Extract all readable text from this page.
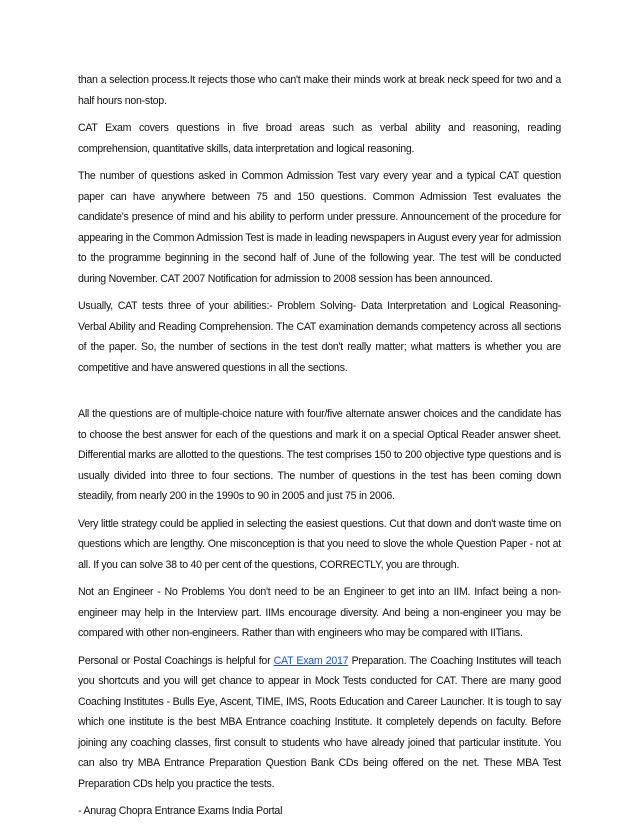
than a selection process.It rejects those who can't make their minds work at break neck speed for two and a half hours non-stop.

CAT Exam covers questions in five broad areas such as verbal ability and reasoning, reading comprehension, quantitative skills, data interpretation and logical reasoning.

The number of questions asked in Common Admission Test vary every year and a typical CAT question paper can have anywhere between 75 and 150 questions. Common Admission Test evaluates the candidate's presence of mind and his ability to perform under pressure. Announcement of the procedure for appearing in the Common Admission Test is made in leading newspapers in August every year for admission to the programme beginning in the second half of June of the following year. The test will be conducted during November. CAT 2007 Notification for admission to 2008 session has been announced.

Usually, CAT tests three of your abilities:- Problem Solving- Data Interpretation and Logical Reasoning- Verbal Ability and Reading Comprehension. The CAT examination demands competency across all sections of the paper. So, the number of sections in the test don't really matter; what matters is whether you are competitive and have answered questions in all the sections.

All the questions are of multiple-choice nature with four/five alternate answer choices and the candidate has to choose the best answer for each of the questions and mark it on a special Optical Reader answer sheet. Differential marks are allotted to the questions. The test comprises 150 to 200 objective type questions and is usually divided into three to four sections. The number of questions in the test has been coming down steadily, from nearly 200 in the 1990s to 90 in 2005 and just 75 in 2006.

Very little strategy could be applied in selecting the easiest questions. Cut that down and don't waste time on questions which are lengthy. One misconception is that you need to slove the whole Question Paper - not at all. If you can solve 38 to 40 per cent of the questions, CORRECTLY, you are through.

Not an Engineer - No Problems You don't need to be an Engineer to get into an IIM. Infact being a non-engineer may help in the Interview part. IIMs encourage diversity. And being a non-engineer you may be compared with other non-engineers. Rather than with engineers who may be compared with IITians.

Personal or Postal Coachings is helpful for CAT Exam 2017 Preparation. The Coaching Institutes will teach you shortcuts and you will get chance to appear in Mock Tests conducted for CAT. There are many good Coaching Institutes - Bulls Eye, Ascent, TIME, IMS, Roots Education and Career Launcher. It is tough to say which one institute is the best MBA Entrance coaching Institute. It completely depends on faculty. Before joining any coaching classes, first consult to students who have already joined that particular institute. You can also try MBA Entrance Preparation Question Bank CDs being offered on the net. These MBA Test Preparation CDs help you practice the tests.

- Anurag Chopra Entrance Exams India Portal
